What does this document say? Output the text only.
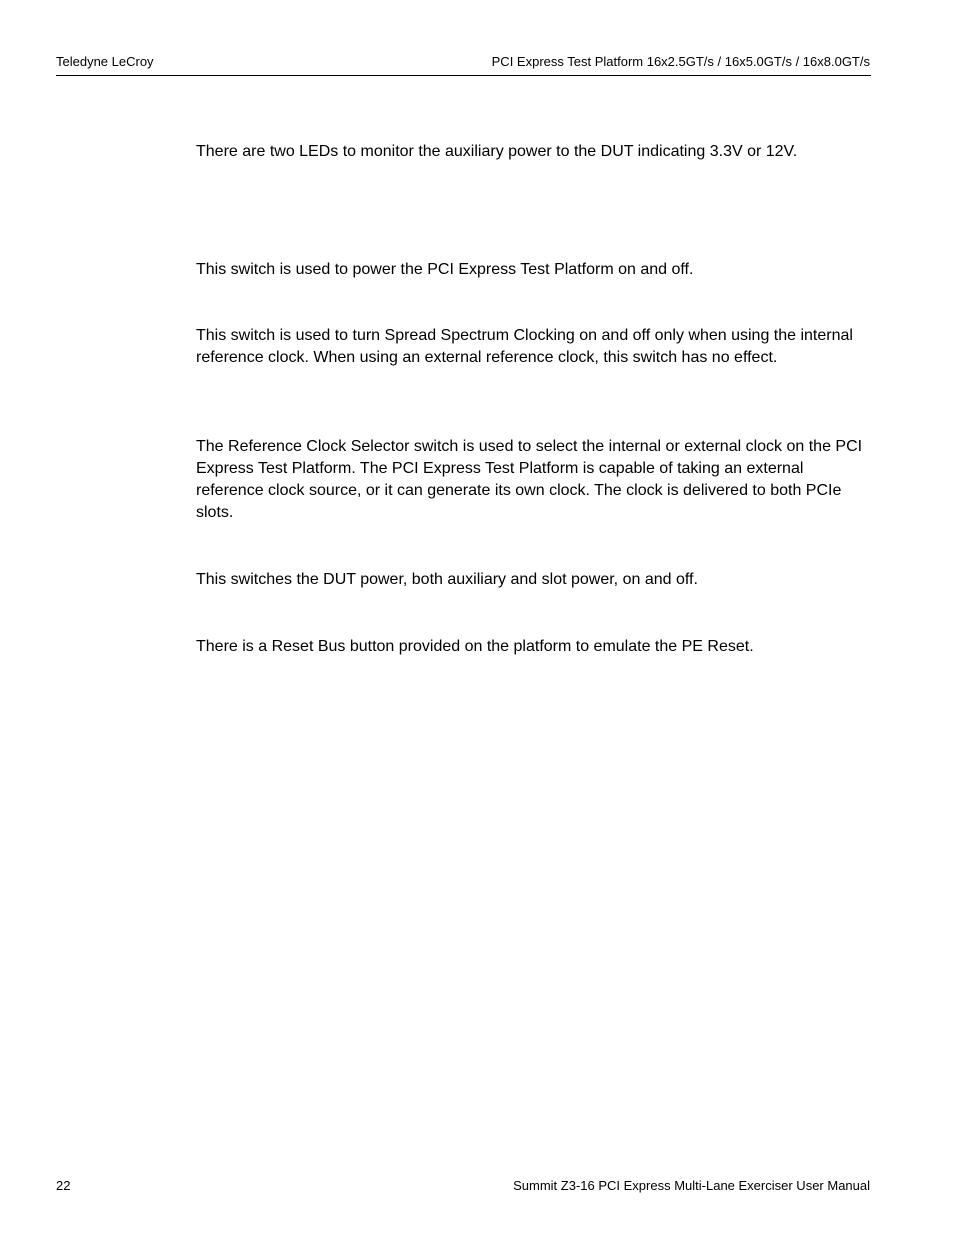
Teledyne LeCroy	PCI Express Test Platform 16x2.5GT/s / 16x5.0GT/s / 16x8.0GT/s

There are two LEDs to monitor the auxiliary power to the DUT indicating 3.3V or 12V.

This switch is used to power the PCI Express Test Platform on and off.

This switch is used to turn Spread Spectrum Clocking on and off only when using the internal reference clock. When using an external reference clock, this switch has no effect.

The Reference Clock Selector switch is used to select the internal or external clock on the PCI Express Test Platform. The PCI Express Test Platform is capable of taking an external reference clock source, or it can generate its own clock. The clock is delivered to both PCIe slots.

This switches the DUT power, both auxiliary and slot power, on and off.

There is a Reset Bus button provided on the platform to emulate the PE Reset.

22	Summit Z3-16 PCI Express Multi-Lane Exerciser User Manual
